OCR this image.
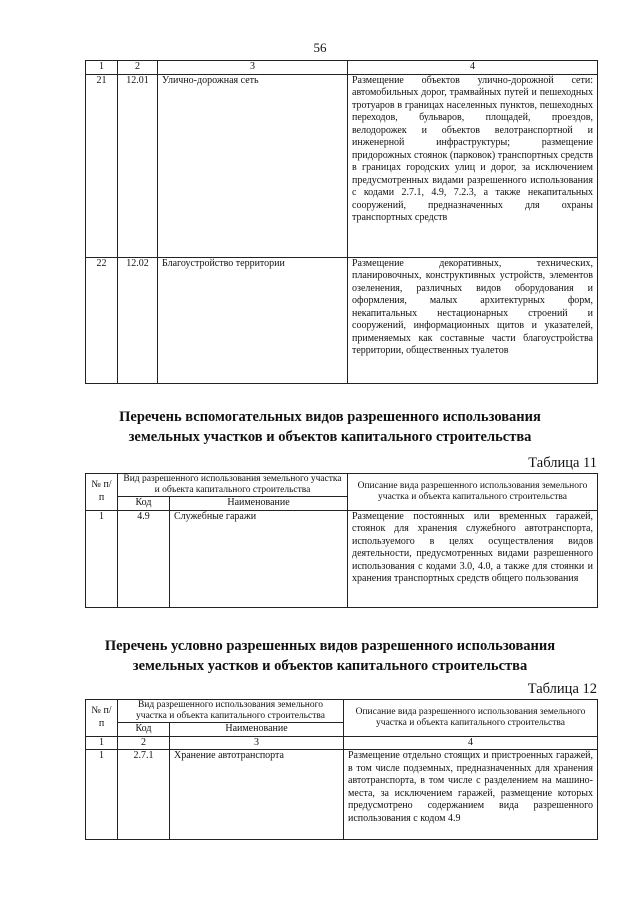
56
1	2	3	4
21	12.01	Улично-дорожная сеть	Размещение объектов улично-дорожной сети: автомобильных дорог, трамвайных путей и пешеходных тротуаров в границах населенных пунктов, пешеходных переходов, бульваров, площадей, проездов, велодорожек и объектов велотранспортной и инженерной инфраструктуры; размещение придорожных стоянок (парковок) транспортных средств в границах городских улиц и дорог, за исключением предусмотренных видами разрешенного использования с кодами 2.7.1, 4.9, 7.2.3, а также некапитальных сооружений, предназначенных для охраны транспортных средств
22	12.02	Благоустройство территории	Размещение декоративных, технических, планировочных, конструктивных устройств, элементов озеленения, различных видов оборудования и оформления, малых архитектурных форм, некапитальных нестационарных строений и сооружений, информационных щитов и указателей, применяемых как составные части благоустройства территории, общественных туалетов
Перечень вспомогательных видов разрешенного использования
земельных участков и объектов капитального строительства
Таблица 11
№ п/п	Вид разрешенного использования земельного участка и объекта капитального строительства		Описание вида разрешенного использования земельного участка и объекта капитального строительства
	Код	Наименование	
1	4.9	Служебные гаражи	Размещение постоянных или временных гаражей, стоянок для хранения служебного автотранспорта, используемого в целях осуществления видов деятельности, предусмотренных видами разрешенного использования с кодами 3.0, 4.0, а также для стоянки и хранения транспортных средств общего пользования
Перечень условно разрешенных видов разрешенного использования
земельных уастков и объектов капитального строительства
Таблица 12
№ п/п	Вид разрешенного использования земельного участка и объекта капитального строительства		Описание вида разрешенного использования земельного участка и объекта капитального строительства
	Код	Наименование	
1	2	3	4
1	2.7.1	Хранение автотранспорта	Размещение отдельно стоящих и пристроенных гаражей, в том числе подземных, предназначенных для хранения автотранспорта, в том числе с разделением на машино-места, за исключением гаражей, размещение которых предусмотрено содержанием вида разрешенного использования с кодом 4.9
